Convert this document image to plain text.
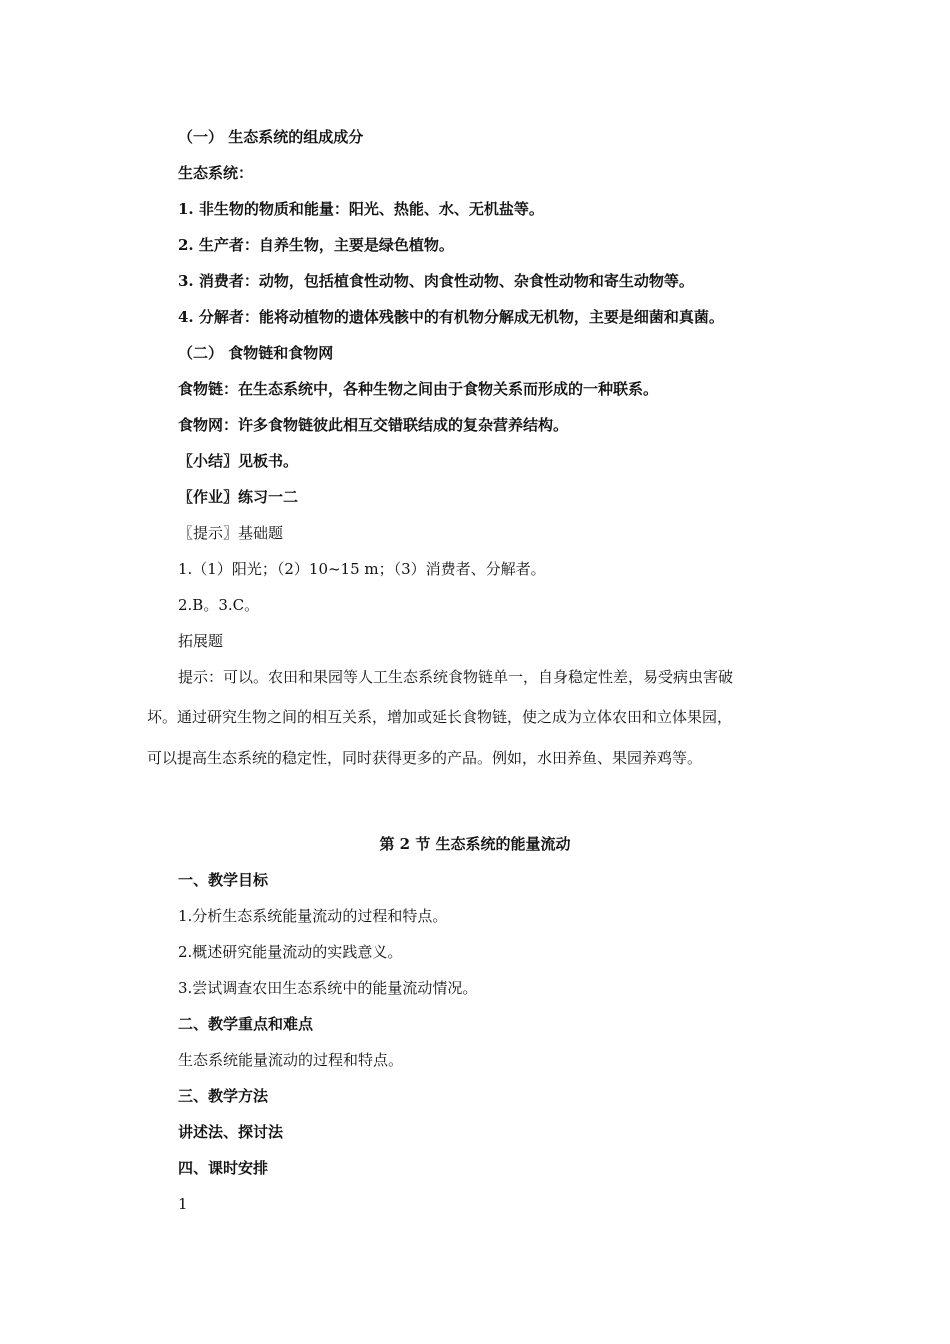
（一） 生态系统的组成成分
生态系统：
1. 非生物的物质和能量：阳光、热能、水、无机盐等。
2. 生产者：自养生物，主要是绿色植物。
3. 消费者：动物，包括植食性动物、肉食性动物、杂食性动物和寄生动物等。
4. 分解者：能将动植物的遗体残骸中的有机物分解成无机物，主要是细菌和真菌。
（二） 食物链和食物网
食物链：在生态系统中，各种生物之间由于食物关系而形成的一种联系。
食物网：许多食物链彼此相互交错联结成的复杂营养结构。
〖小结〗见板书。
〖作业〗练习一二
〖提示〗基础题
1.（1）阳光；（2）10~15 m；（3）消费者、分解者。
2.B。3.C。
拓展题
提示：可以。农田和果园等人工生态系统食物链单一，自身稳定性差，易受病虫害破
坏。通过研究生物之间的相互关系，增加或延长食物链，使之成为立体农田和立体果园，
可以提高生态系统的稳定性，同时获得更多的产品。例如，水田养鱼、果园养鸡等。
第 2 节 生态系统的能量流动
一、教学目标
1.分析生态系统能量流动的过程和特点。
2.概述研究能量流动的实践意义。
3.尝试调查农田生态系统中的能量流动情况。
二、教学重点和难点
生态系统能量流动的过程和特点。
三、教学方法
讲述法、探讨法
四、课时安排
1
